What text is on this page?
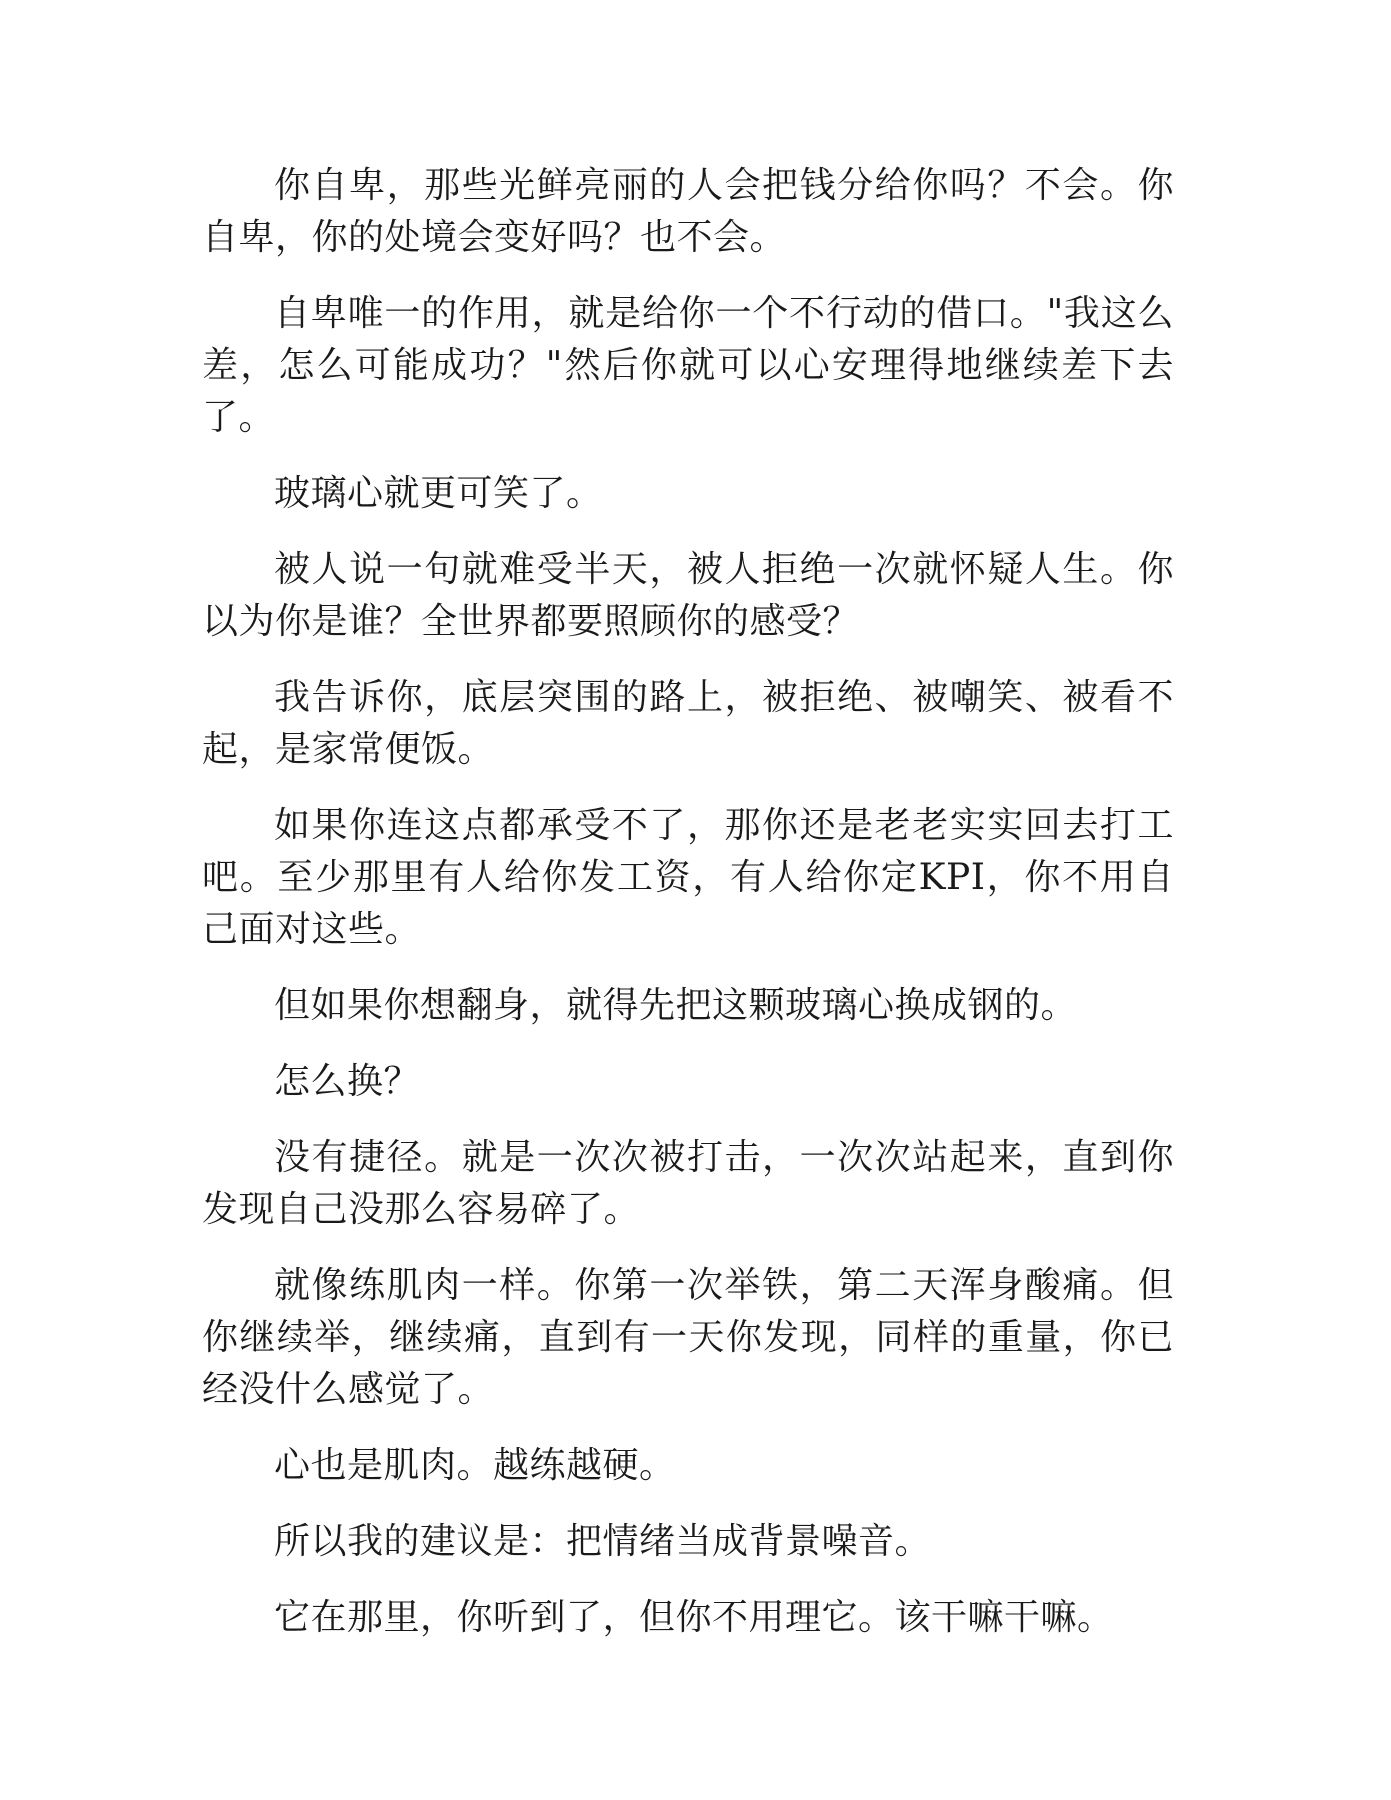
你自卑，那些光鲜亮丽的人会把钱分给你吗？不会。你自卑，你的处境会变好吗？也不会。

自卑唯一的作用，就是给你一个不行动的借口。"我这么差，怎么可能成功？"然后你就可以心安理得地继续差下去了。

玻璃心就更可笑了。

被人说一句就难受半天，被人拒绝一次就怀疑人生。你以为你是谁？全世界都要照顾你的感受？

我告诉你，底层突围的路上，被拒绝、被嘲笑、被看不起，是家常便饭。

如果你连这点都承受不了，那你还是老老实实回去打工吧。至少那里有人给你发工资，有人给你定KPI，你不用自己面对这些。

但如果你想翻身，就得先把这颗玻璃心换成钢的。

怎么换？

没有捷径。就是一次次被打击，一次次站起来，直到你发现自己没那么容易碎了。

就像练肌肉一样。你第一次举铁，第二天浑身酸痛。但你继续举，继续痛，直到有一天你发现，同样的重量，你已经没什么感觉了。

心也是肌肉。越练越硬。

所以我的建议是：把情绪当成背景噪音。

它在那里，你听到了，但你不用理它。该干嘛干嘛。
